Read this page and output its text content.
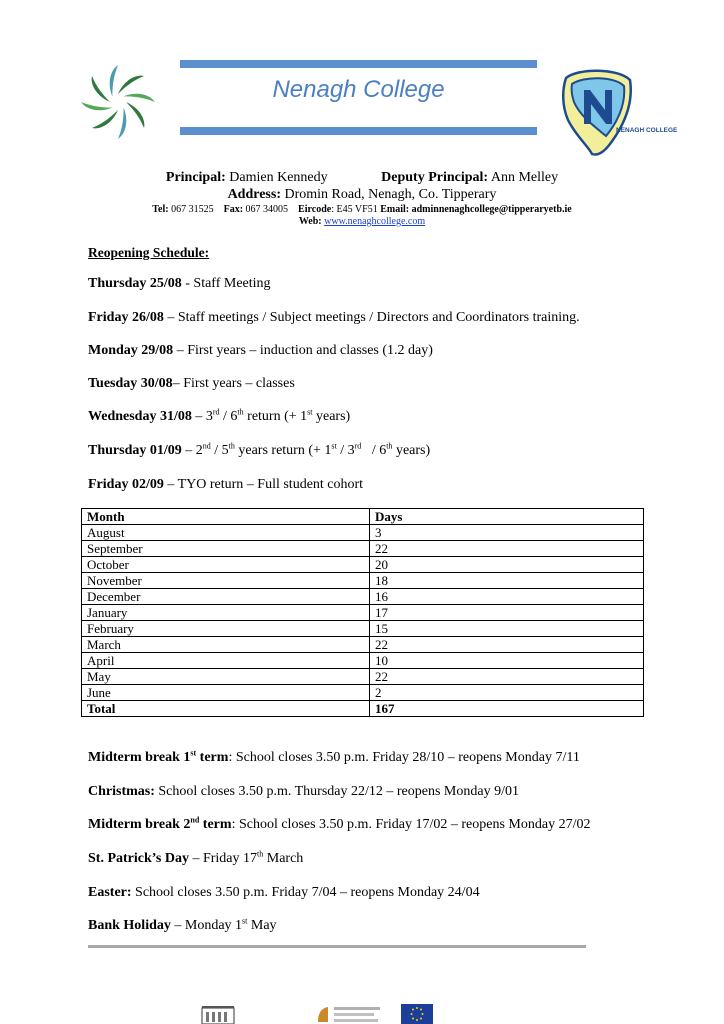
Nenagh College
NENAGH COLLEGE
Principal: Damien Kennedy	Deputy Principal: Ann Melley
Address: Dromin Road, Nenagh, Co. Tipperary
Tel: 067 31525 Fax: 067 34005 Eircode: E45 VF51 Email: adminnenaghcollege@tipperaryetb.ie
Web: www.nenaghcollege.com
Reopening Schedule:
Thursday 25/08 - Staff Meeting
Friday 26/08 – Staff meetings / Subject meetings / Directors and Coordinators training.
Monday 29/08 – First years – induction and classes (1.2 day)
Tuesday 30/08– First years – classes
Wednesday 31/08 – 3rd / 6th return (+ 1st years)
Thursday 01/09 – 2nd / 5th years return (+ 1st / 3rd   / 6th years)
Friday 02/09 – TYO return – Full student cohort
Month	Days
August	3
September	22
October	20
November	18
December	16
January	17
February	15
March	22
April	10
May	22
June	2
Total	167
Midterm break 1st term: School closes 3.50 p.m. Friday 28/10 – reopens Monday 7/11
Christmas: School closes 3.50 p.m. Thursday 22/12 – reopens Monday 9/01
Midterm break 2nd term: School closes 3.50 p.m. Friday 17/02 – reopens Monday 27/02
St. Patrick’s Day – Friday 17th March
Easter: School closes 3.50 p.m. Friday 7/04 – reopens Monday 24/04
Bank Holiday – Monday 1st May
